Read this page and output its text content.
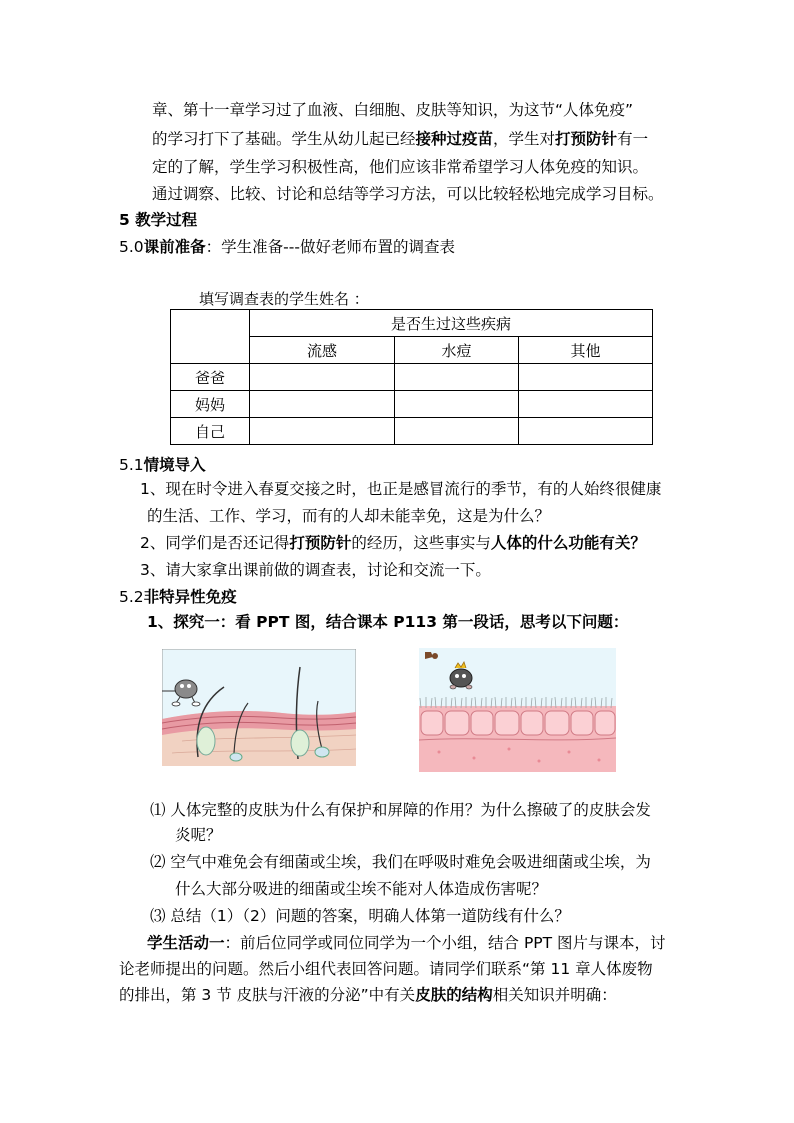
章、第十一章学习过了血液、白细胞、皮肤等知识，为这节“人体免疫”
的学习打下了基础。学生从幼儿起已经接种过疫苗，学生对打预防针有一
定的了解，学生学习积极性高，他们应该非常希望学习人体免疫的知识。
通过调察、比较、讨论和总结等学习方法，可以比较轻松地完成学习目标。
5 教学过程
5.0课前准备：学生准备---做好老师布置的调查表
填写调查表的学生姓名 ：
	是否生过这些疾病		
	流感	水痘	其他
爸爸			
妈妈			
自己			
5.1情境导入
1、现在时令进入春夏交接之时，也正是感冒流行的季节，有的人始终很健康
的生活、工作、学习，而有的人却未能幸免，这是为什么？
2、同学们是否还记得打预防针的经历，这些事实与人体的什么功能有关？
3、请大家拿出课前做的调查表，讨论和交流一下。
5.2非特异性免疫
1、探究一：看 PPT 图，结合课本 P113 第一段话，思考以下问题：
⑴ 人体完整的皮肤为什么有保护和屏障的作用？为什么擦破了的皮肤会发
炎呢？
⑵ 空气中难免会有细菌或尘埃，我们在呼吸时难免会吸进细菌或尘埃，为
什么大部分吸进的细菌或尘埃不能对人体造成伤害呢？
⑶ 总结（1）（2）问题的答案，明确人体第一道防线有什么？
学生活动一：前后位同学或同位同学为一个小组，结合 PPT 图片与课本，讨
论老师提出的问题。然后小组代表回答问题。请同学们联系“第 11 章人体废物
的排出，第 3 节 皮肤与汗液的分泌”中有关皮肤的结构相关知识并明确：
